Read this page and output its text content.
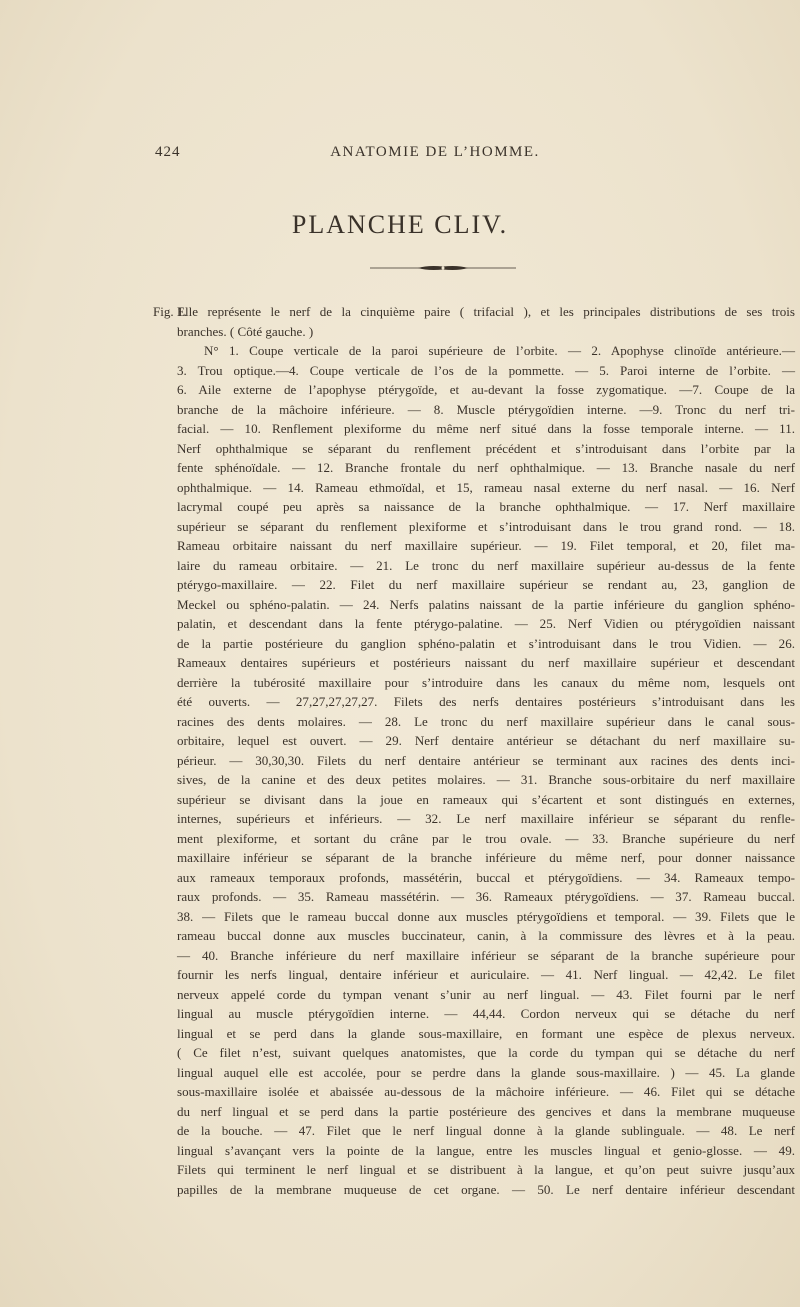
424	ANATOMIE DE L’HOMME.
PLANCHE CLIV.
Fig. 1.
Elle représente le nerf de la cinquième paire ( trifacial ), et les principales distributions de ses trois
branches. ( Côté gauche. )
N° 1. Coupe verticale de la paroi supérieure de l’orbite. — 2. Apophyse clinoïde antérieure.—
3. Trou optique.—4. Coupe verticale de l’os de la pommette. — 5. Paroi interne de l’orbite. —
6. Aile externe de l’apophyse ptérygoïde, et au-devant la fosse zygomatique. —7. Coupe de la
branche de la mâchoire inférieure. — 8. Muscle ptérygoïdien interne. —9. Tronc du nerf tri-
facial. — 10. Renflement plexiforme du même nerf situé dans la fosse temporale interne. — 11.
Nerf ophthalmique se séparant du renflement précédent et s’introduisant dans l’orbite par la
fente sphénoïdale. — 12. Branche frontale du nerf ophthalmique. — 13. Branche nasale du nerf
ophthalmique. — 14. Rameau ethmoïdal, et 15, rameau nasal externe du nerf nasal. — 16. Nerf
lacrymal coupé peu après sa naissance de la branche ophthalmique. — 17. Nerf maxillaire
supérieur se séparant du renflement plexiforme et s’introduisant dans le trou grand rond. — 18.
Rameau orbitaire naissant du nerf maxillaire supérieur. — 19. Filet temporal, et 20, filet ma-
laire du rameau orbitaire. — 21. Le tronc du nerf maxillaire supérieur au-dessus de la fente
ptérygo-maxillaire. — 22. Filet du nerf maxillaire supérieur se rendant au, 23, ganglion de
Meckel ou sphéno-palatin. — 24. Nerfs palatins naissant de la partie inférieure du ganglion sphéno-
palatin, et descendant dans la fente ptérygo-palatine. — 25. Nerf Vidien ou ptérygoïdien naissant
de la partie postérieure du ganglion sphéno-palatin et s’introduisant dans le trou Vidien. — 26.
Rameaux dentaires supérieurs et postérieurs naissant du nerf maxillaire supérieur et descendant
derrière la tubérosité maxillaire pour s’introduire dans les canaux du même nom, lesquels ont
été ouverts. — 27,27,27,27,27. Filets des nerfs dentaires postérieurs s’introduisant dans les
racines des dents molaires. — 28. Le tronc du nerf maxillaire supérieur dans le canal sous-
orbitaire, lequel est ouvert. — 29. Nerf dentaire antérieur se détachant du nerf maxillaire su-
périeur. — 30,30,30. Filets du nerf dentaire antérieur se terminant aux racines des dents inci-
sives, de la canine et des deux petites molaires. — 31. Branche sous-orbitaire du nerf maxillaire
supérieur se divisant dans la joue en rameaux qui s’écartent et sont distingués en externes,
internes, supérieurs et inférieurs. — 32. Le nerf maxillaire inférieur se séparant du renfle-
ment plexiforme, et sortant du crâne par le trou ovale. — 33. Branche supérieure du nerf
maxillaire inférieur se séparant de la branche inférieure du même nerf, pour donner naissance
aux rameaux temporaux profonds, massétérin, buccal et ptérygoïdiens. — 34. Rameaux tempo-
raux profonds. — 35. Rameau massétérin. — 36. Rameaux ptérygoïdiens. — 37. Rameau buccal.
38. — Filets que le rameau buccal donne aux muscles ptérygoïdiens et temporal. — 39. Filets que le
rameau buccal donne aux muscles buccinateur, canin, à la commissure des lèvres et à la peau.
— 40. Branche inférieure du nerf maxillaire inférieur se séparant de la branche supérieure pour
fournir les nerfs lingual, dentaire inférieur et auriculaire. — 41. Nerf lingual. — 42,42. Le filet
nerveux appelé corde du tympan venant s’unir au nerf lingual. — 43. Filet fourni par le nerf
lingual au muscle ptérygoïdien interne. — 44,44. Cordon nerveux qui se détache du nerf
lingual et se perd dans la glande sous-maxillaire, en formant une espèce de plexus nerveux.
( Ce filet n’est, suivant quelques anatomistes, que la corde du tympan qui se détache du nerf
lingual auquel elle est accolée, pour se perdre dans la glande sous-maxillaire. ) — 45. La glande
sous-maxillaire isolée et abaissée au-dessous de la mâchoire inférieure. — 46. Filet qui se détache
du nerf lingual et se perd dans la partie postérieure des gencives et dans la membrane muqueuse
de la bouche. — 47. Filet que le nerf lingual donne à la glande sublinguale. — 48. Le nerf
lingual s’avançant vers la pointe de la langue, entre les muscles lingual et genio-glosse. — 49.
Filets qui terminent le nerf lingual et se distribuent à la langue, et qu’on peut suivre jusqu’aux
papilles de la membrane muqueuse de cet organe. — 50. Le nerf dentaire inférieur descendant
